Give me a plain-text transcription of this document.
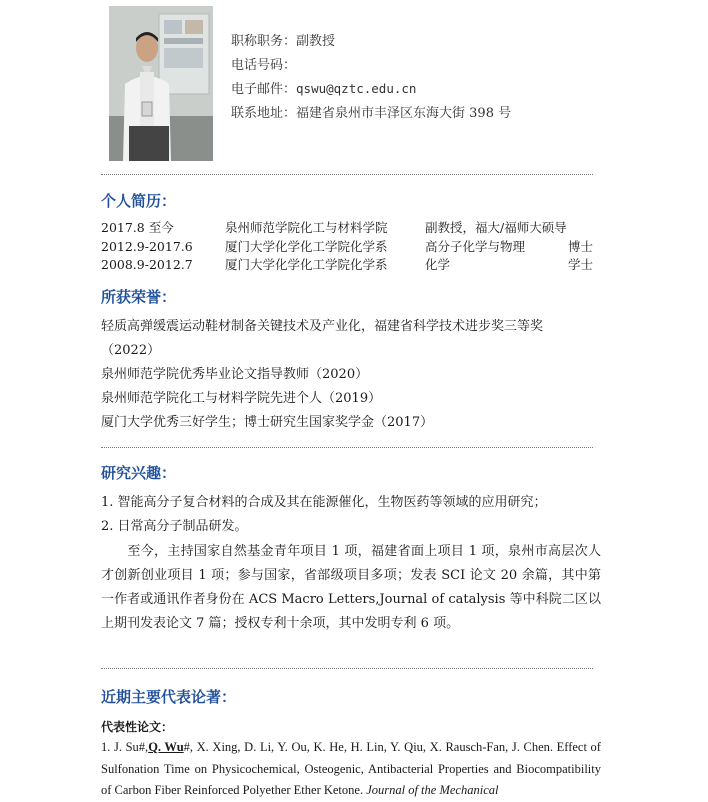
职称职务：副教授
电话号码：
电子邮件：qswu@qztc.edu.cn
联系地址：福建省泉州市丰泽区东海大街 398 号
个人简历：
2017.8 至今	泉州师范学院化工与材料学院	副教授，福大/福师大硕导
2012.9-2017.6	厦门大学化学化工学院化学系	高分子化学与物理	博士
2008.9-2012.7	厦门大学化学化工学院化学系	化学	学士
所获荣誉：
轻质高弹缓震运动鞋材制备关键技术及产业化，福建省科学技术进步奖三等奖
（2022）
泉州师范学院优秀毕业论文指导教师（2020）
泉州师范学院化工与材料学院先进个人（2019）
厦门大学优秀三好学生；博士研究生国家奖学金（2017）
研究兴趣：
1. 智能高分子复合材料的合成及其在能源催化，生物医药等领域的应用研究；
2. 日常高分子制品研发。
至今，主持国家自然基金青年项目 1 项，福建省面上项目 1 项，泉州市高层次人才创新创业项目 1 项；参与国家，省部级项目多项；发表 SCI 论文 20 余篇，其中第一作者或通讯作者身份在 ACS Macro Letters,Journal of catalysis 等中科院二区以上期刊发表论文 7 篇；授权专利十余项，其中发明专利 6 项。
近期主要代表论著：
代表性论文：
1. J. Su#,Q. Wu#, X. Xing, D. Li, Y. Ou, K. He, H. Lin, Y. Qiu, X. Rausch-Fan, J. Chen. Effect of Sulfonation Time on Physicochemical, Osteogenic, Antibacterial Properties and Biocompatibility of Carbon Fiber Reinforced Polyether Ether Ketone. Journal of the Mechanical
